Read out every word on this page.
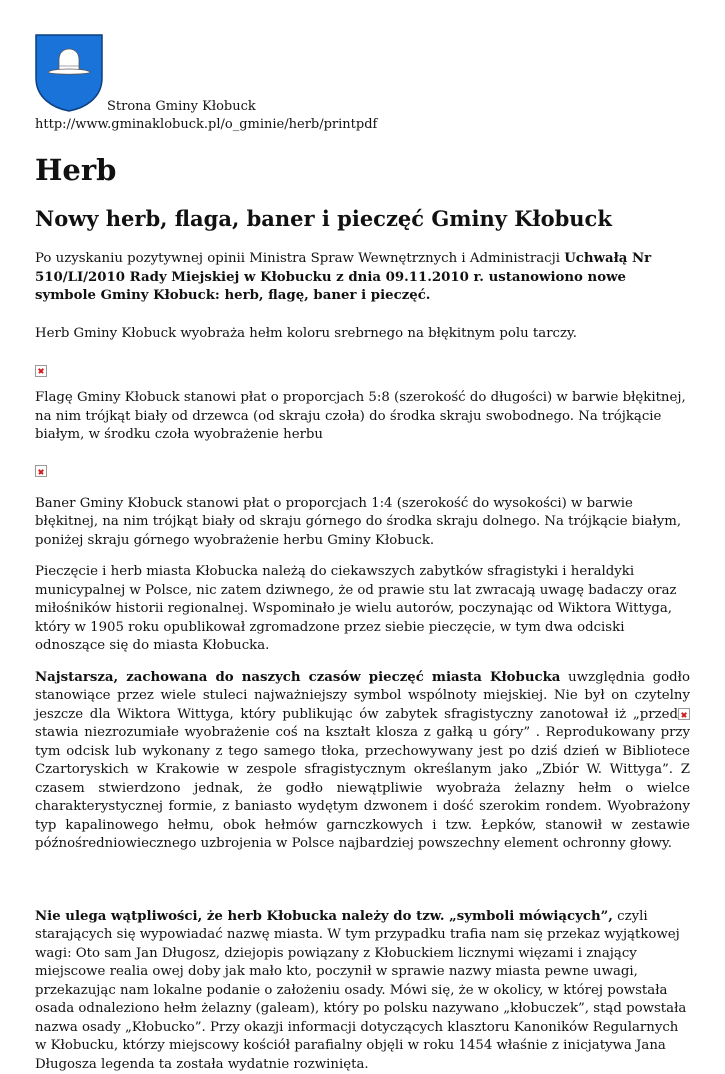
Strona Gminy Kłobuck
http://www.gminaklobuck.pl/o_gminie/herb/printpdf
Herb
Nowy herb, flaga, baner i pieczęć Gminy Kłobuck

Po uzyskaniu pozytywnej opinii Ministra Spraw Wewnętrznych i Administracji Uchwałą Nr 510/LI/2010 Rady Miejskiej w Kłobucku z dnia 09.11.2010 r. ustanowiono nowe symbole Gminy Kłobuck: herb, flagę, baner i pieczęć.

Herb Gminy Kłobuck wyobraża hełm koloru srebrnego na błękitnym polu tarczy.

Flagę Gminy Kłobuck stanowi płat o proporcjach 5:8 (szerokość do długości) w barwie błękitnej, na nim trójkąt biały od drzewca (od skraju czoła) do środka skraju swobodnego. Na trójkącie białym, w środku czoła wyobrażenie herbu

Baner Gminy Kłobuck stanowi płat o proporcjach 1:4 (szerokość do wysokości) w barwie błękitnej, na nim trójkąt biały od skraju górnego do środka skraju dolnego. Na trójkącie białym, poniżej skraju górnego wyobrażenie herbu Gminy Kłobuck.

Pieczęcie i herb miasta Kłobucka należą do ciekawszych zabytków sfragistyki i heraldyki municypalnej w Polsce, nic zatem dziwnego, że od prawie stu lat zwracają uwagę badaczy oraz miłośników historii regionalnej. Wspominało je wielu autorów, poczynając od Wiktora Wittyga, który w 1905 roku opublikował zgromadzone przez siebie pieczęcie, w tym dwa odciski odnoszące się do miasta Kłobucka.

Najstarsza, zachowana do naszych czasów pieczęć miasta Kłobucka uwzględnia godło stanowiące przez wiele stuleci najważniejszy symbol wspólnoty miejskiej. Nie był on czytelny jeszcze dla Wiktora Wittyga, który publikując ów zabytek sfragistyczny zanotował iż „przedstawia niezrozumiałe wyobrażenie coś na kształt klosza z gałką u góry” . Reprodukowany przy tym odcisk lub wykonany z tego samego tłoka, przechowywany jest po dziś dzień w Bibliotece Czartoryskich w Krakowie w zespole sfragistycznym określanym jako „Zbiór W. Wittyga”. Z czasem stwierdzono jednak, że godło niewątpliwie wyobraża żelazny hełm o wielce charakterystycznej formie, z baniasto wydętym dzwonem i dość szerokim rondem. Wyobrażony typ kapalinowego hełmu, obok hełmów garnczkowych i tzw. Łepków, stanowił w zestawie późnośredniowiecznego uzbrojenia w Polsce najbardziej powszechny element ochronny głowy.

Nie ulega wątpliwości, że herb Kłobucka należy do tzw. „symboli mówiących”, czyli starających się wypowiadać nazwę miasta. W tym przypadku trafia nam się przekaz wyjątkowej wagi: Oto sam Jan Długosz, dziejopis powiązany z Kłobuckiem licznymi więzami i znający miejscowe realia owej doby jak mało kto, poczynił w sprawie nazwy miasta pewne uwagi, przekazując nam lokalne podanie o założeniu osady. Mówi się, że w okolicy, w której powstała osada odnaleziono hełm żelazny (galeam), który po polsku nazywano „kłobuczek”, stąd powstała nazwa osady „Kłobucko”. Przy okazji informacji dotyczących klasztoru Kanoników Regularnych w Kłobucku, którzy miejscowy kościół parafialny objęli w roku 1454 właśnie z inicjatywa Jana Długosza legenda ta została wydatnie rozwinięta.
